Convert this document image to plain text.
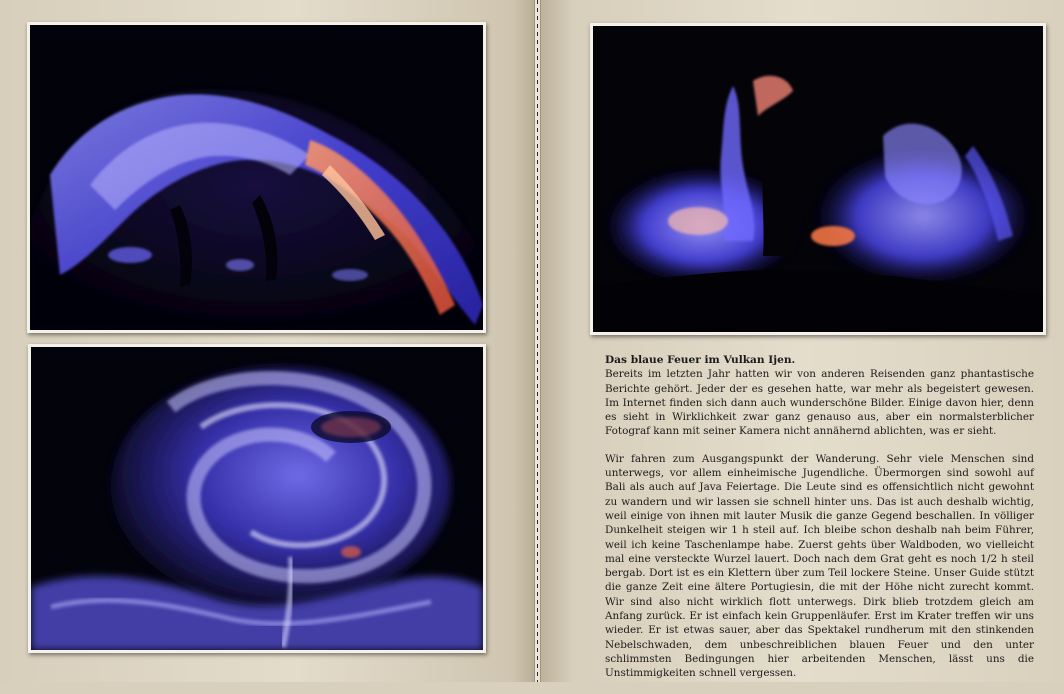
Das blaue Feuer im Vulkan Ijen.

Bereits im letzten Jahr hatten wir von anderen Reisenden ganz phantastische Berichte gehört. Jeder der es gesehen hatte, war mehr als begeistert gewesen. Im Internet finden sich dann auch wunderschöne Bilder. Einige davon hier, denn es sieht in Wirklichkeit zwar ganz genauso aus, aber ein normalsterblicher Fotograf kann mit seiner Kamera nicht annähernd ablichten, was er sieht.

Wir fahren zum Ausgangspunkt der Wanderung. Sehr viele Menschen sind unterwegs, vor allem einheimische Jugendliche. Übermorgen sind sowohl auf Bali als auch auf Java Feiertage. Die Leute sind es offensichtlich nicht gewohnt zu wandern und wir lassen sie schnell hinter uns. Das ist auch deshalb wichtig, weil einige von ihnen mit lauter Musik die ganze Gegend beschallen. In völliger Dunkelheit steigen wir 1 h steil auf. Ich bleibe schon deshalb nah beim Führer, weil ich keine Taschenlampe habe. Zuerst gehts über Waldboden, wo vielleicht mal eine versteckte Wurzel lauert. Doch nach dem Grat geht es noch 1/2 h steil bergab. Dort ist es ein Klettern über zum Teil lockere Steine. Unser Guide stützt die ganze Zeit eine ältere Portugiesin, die mit der Höhe nicht zurecht kommt. Wir sind also nicht wirklich flott unterwegs. Dirk blieb trotzdem gleich am Anfang zurück. Er ist einfach kein Gruppenläufer. Erst im Krater treffen wir uns wieder. Er ist etwas sauer, aber das Spektakel rundherum mit den stinkenden Nebelschwaden, dem unbeschreiblichen blauen Feuer und den unter schlimmsten Bedingungen hier arbeitenden Menschen, lässt uns die Unstimmigkeiten schnell vergessen.
